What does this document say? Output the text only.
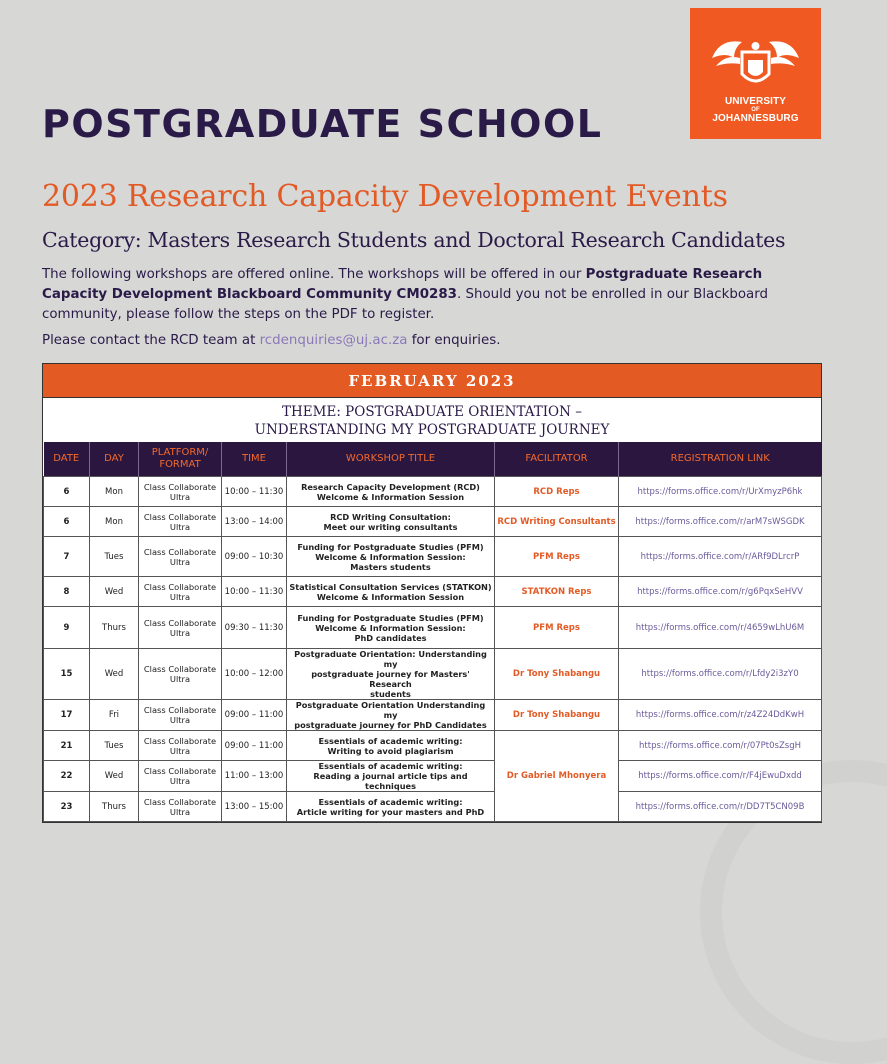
UNIVERSITY
OF
JOHANNESBURG
POSTGRADUATE SCHOOL
2023 Research Capacity Development Events
Category: Masters Research Students and Doctoral Research Candidates

The following workshops are offered online. The workshops will be offered in our Postgraduate Research Capacity Development Blackboard Community CM0283. Should you not be enrolled in our Blackboard community, please follow the steps on the PDF to register.

Please contact the RCD team at rcdenquiries@uj.ac.za for enquiries.

FEBRUARY 2023
THEME: POSTGRADUATE ORIENTATION –
UNDERSTANDING MY POSTGRADUATE JOURNEY
DATE	DAY	PLATFORM/
FORMAT	TIME	WORKSHOP TITLE	FACILITATOR	REGISTRATION LINK
6	Mon	Class Collaborate
Ultra	10:00 – 11:30	Research Capacity Development (RCD)
Welcome & Information Session	RCD Reps	https://forms.office.com/r/UrXmyzP6hk
6	Mon	Class Collaborate
Ultra	13:00 – 14:00	RCD Writing Consultation:
Meet our writing consultants	RCD Writing Consultants	https://forms.office.com/r/arM7sWSGDK
7	Tues	Class Collaborate
Ultra	09:00 – 10:30	Funding for Postgraduate Studies (PFM)
Welcome & Information Session:
Masters students	PFM Reps	https://forms.office.com/r/ARf9DLrcrP
8	Wed	Class Collaborate
Ultra	10:00 – 11:30	Statistical Consultation Services (STATKON)
Welcome & Information Session	STATKON Reps	https://forms.office.com/r/g6PqxSeHVV
9	Thurs	Class Collaborate
Ultra	09:30 – 11:30	Funding for Postgraduate Studies (PFM)
Welcome & Information Session:
PhD candidates	PFM Reps	https://forms.office.com/r/4659wLhU6M
15	Wed	Class Collaborate
Ultra	10:00 – 12:00	Postgraduate Orientation: Understanding my
postgraduate journey for Masters' Research
students	Dr Tony Shabangu	https://forms.office.com/r/Lfdy2i3zY0
17	Fri	Class Collaborate
Ultra	09:00 – 11:00	Postgraduate Orientation Understanding my
postgraduate journey for PhD Candidates	Dr Tony Shabangu	https://forms.office.com/r/z4Z24DdKwH
21	Tues	Class Collaborate
Ultra	09:00 – 11:00	Essentials of academic writing:
Writing to avoid plagiarism	Dr Gabriel Mhonyera	https://forms.office.com/r/07Pt0sZsgH
22	Wed	Class Collaborate
Ultra	11:00 – 13:00	Essentials of academic writing:
Reading a journal article tips and techniques		https://forms.office.com/r/F4jEwuDxdd
23	Thurs	Class Collaborate
Ultra	13:00 – 15:00	Essentials of academic writing:
Article writing for your masters and PhD		https://forms.office.com/r/DD7T5CN09B
